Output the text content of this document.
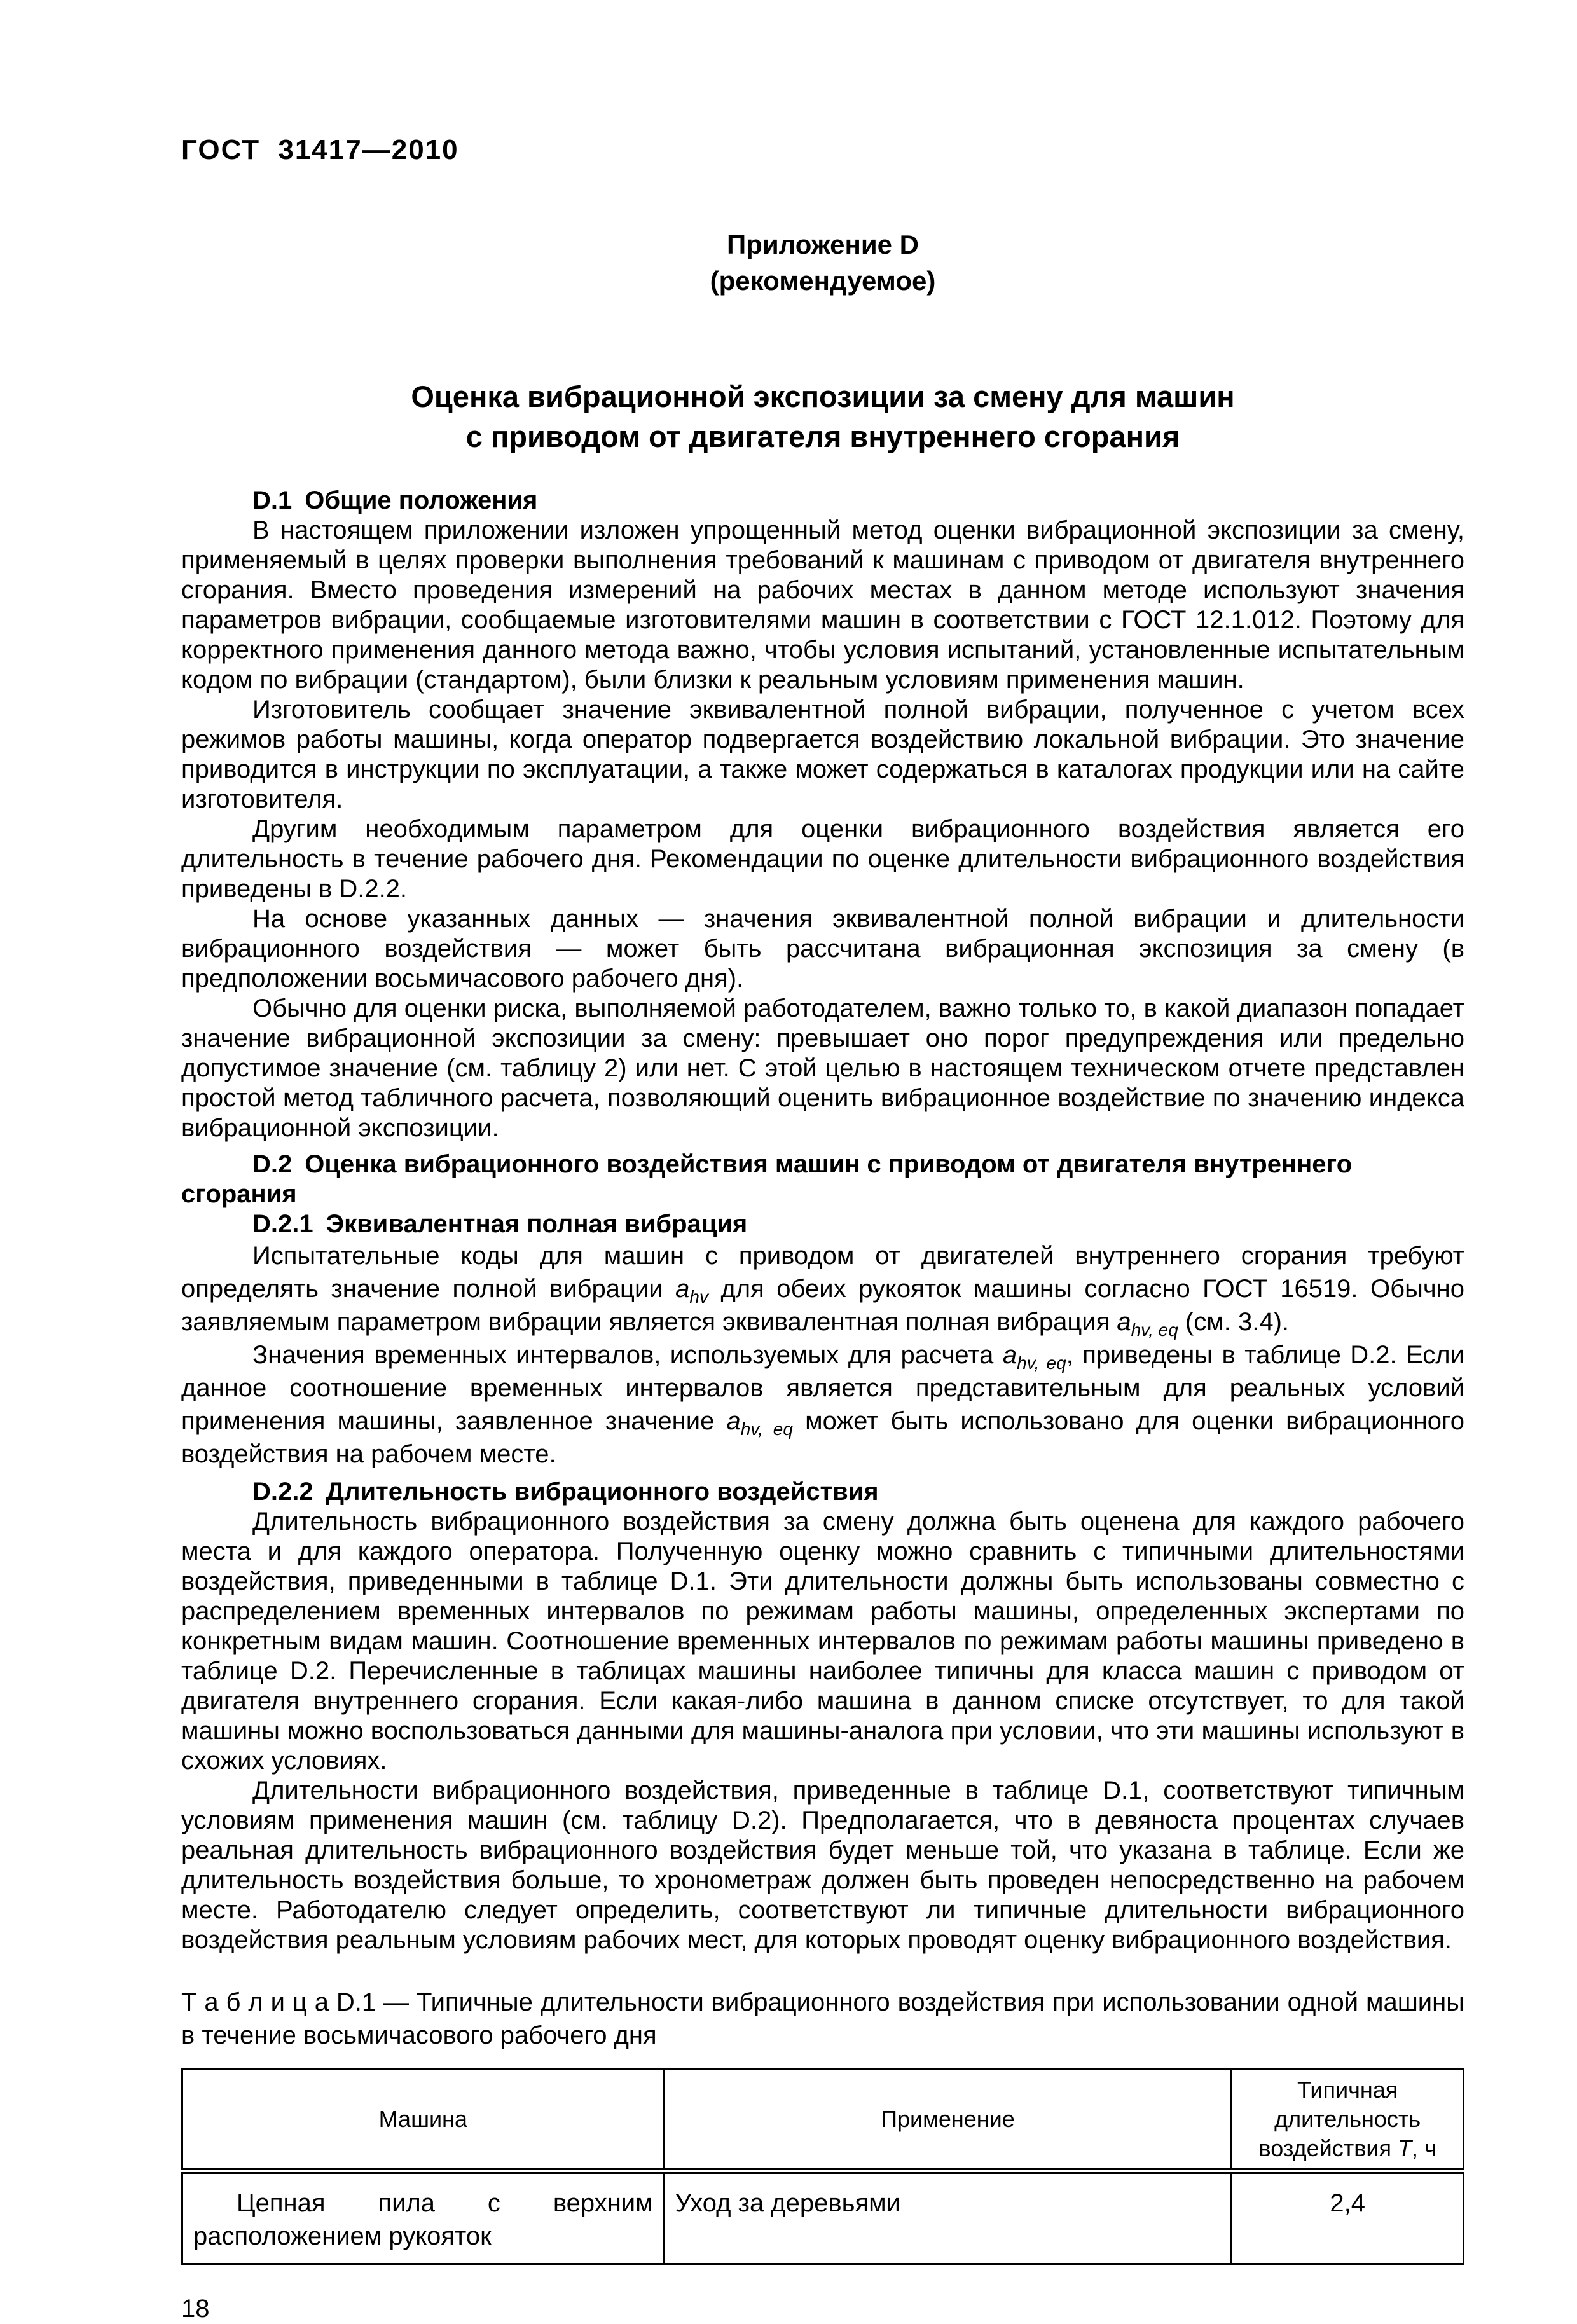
ГОСТ 31417—2010
Приложение D
(рекомендуемое)
Оценка вибрационной экспозиции за смену для машин
с приводом от двигателя внутреннего сгорания

D.1 Общие положения

В настоящем приложении изложен упрощенный метод оценки вибрационной экспозиции за смену, применяемый в целях проверки выполнения требований к машинам с приводом от двигателя внутреннего сгорания. Вместо проведения измерений на рабочих местах в данном методе используют значения параметров вибрации, сообщаемые изготовителями машин в соответствии с ГОСТ 12.1.012. Поэтому для корректного применения данного метода важно, чтобы условия испытаний, установленные испытательным кодом по вибрации (стандартом), были близки к реальным условиям применения машин.

Изготовитель сообщает значение эквивалентной полной вибрации, полученное с учетом всех режимов работы машины, когда оператор подвергается воздействию локальной вибрации. Это значение приводится в инструкции по эксплуатации, а также может содержаться в каталогах продукции или на сайте изготовителя.

Другим необходимым параметром для оценки вибрационного воздействия является его длительность в течение рабочего дня. Рекомендации по оценке длительности вибрационного воздействия приведены в D.2.2.

На основе указанных данных — значения эквивалентной полной вибрации и длительности вибрационного воздействия — может быть рассчитана вибрационная экспозиция за смену (в предположении восьмичасового рабочего дня).

Обычно для оценки риска, выполняемой работодателем, важно только то, в какой диапазон попадает значение вибрационной экспозиции за смену: превышает оно порог предупреждения или предельно допустимое значение (см. таблицу 2) или нет. С этой целью в настоящем техническом отчете представлен простой метод табличного расчета, позволяющий оценить вибрационное воздействие по значению индекса вибрационной экспозиции.

D.2 Оценка вибрационного воздействия машин с приводом от двигателя внутреннего сгорания

D.2.1 Эквивалентная полная вибрация

Испытательные коды для машин с приводом от двигателей внутреннего сгорания требуют определять значение полной вибрации $a_{hv}$ для обеих рукояток машины согласно ГОСТ 16519. Обычно заявляемым параметром вибрации является эквивалентная полная вибрация $a_{hv, eq}$ (см. 3.4).

Значения временных интервалов, используемых для расчета $a_{hv, eq}$, приведены в таблице D.2. Если данное соотношение временных интервалов является представительным для реальных условий применения машины, заявленное значение $a_{hv, eq}$ может быть использовано для оценки вибрационного воздействия на рабочем месте.

D.2.2 Длительность вибрационного воздействия

Длительность вибрационного воздействия за смену должна быть оценена для каждого рабочего места и для каждого оператора. Полученную оценку можно сравнить с типичными длительностями воздействия, приведенными в таблице D.1. Эти длительности должны быть использованы совместно с распределением временных интервалов по режимам работы машины, определенных экспертами по конкретным видам машин. Соотношение временных интервалов по режимам работы машины приведено в таблице D.2. Перечисленные в таблицах машины наиболее типичны для класса машин с приводом от двигателя внутреннего сгорания. Если какая-либо машина в данном списке отсутствует, то для такой машины можно воспользоваться данными для машины-аналога при условии, что эти машины используют в схожих условиях.

Длительности вибрационного воздействия, приведенные в таблице D.1, соответствуют типичным условиям применения машин (см. таблицу D.2). Предполагается, что в девяноста процентах случаев реальная длительность вибрационного воздействия будет меньше той, что указана в таблице. Если же длительность воздействия больше, то хронометраж должен быть проведен непосредственно на рабочем месте. Работодателю следует определить, соответствуют ли типичные длительности вибрационного воздействия реальным условиям рабочих мест, для которых проводят оценку вибрационного воздействия.

Т а б л и ц а D.1 — Типичные длительности вибрационного воздействия при использовании одной машины в течение восьмичасового рабочего дня

Машина	Применение	Типичная длительность воздействия T, ч
Цепная пила с верхним расположением рукояток	Уход за деревьями	2,4
18
